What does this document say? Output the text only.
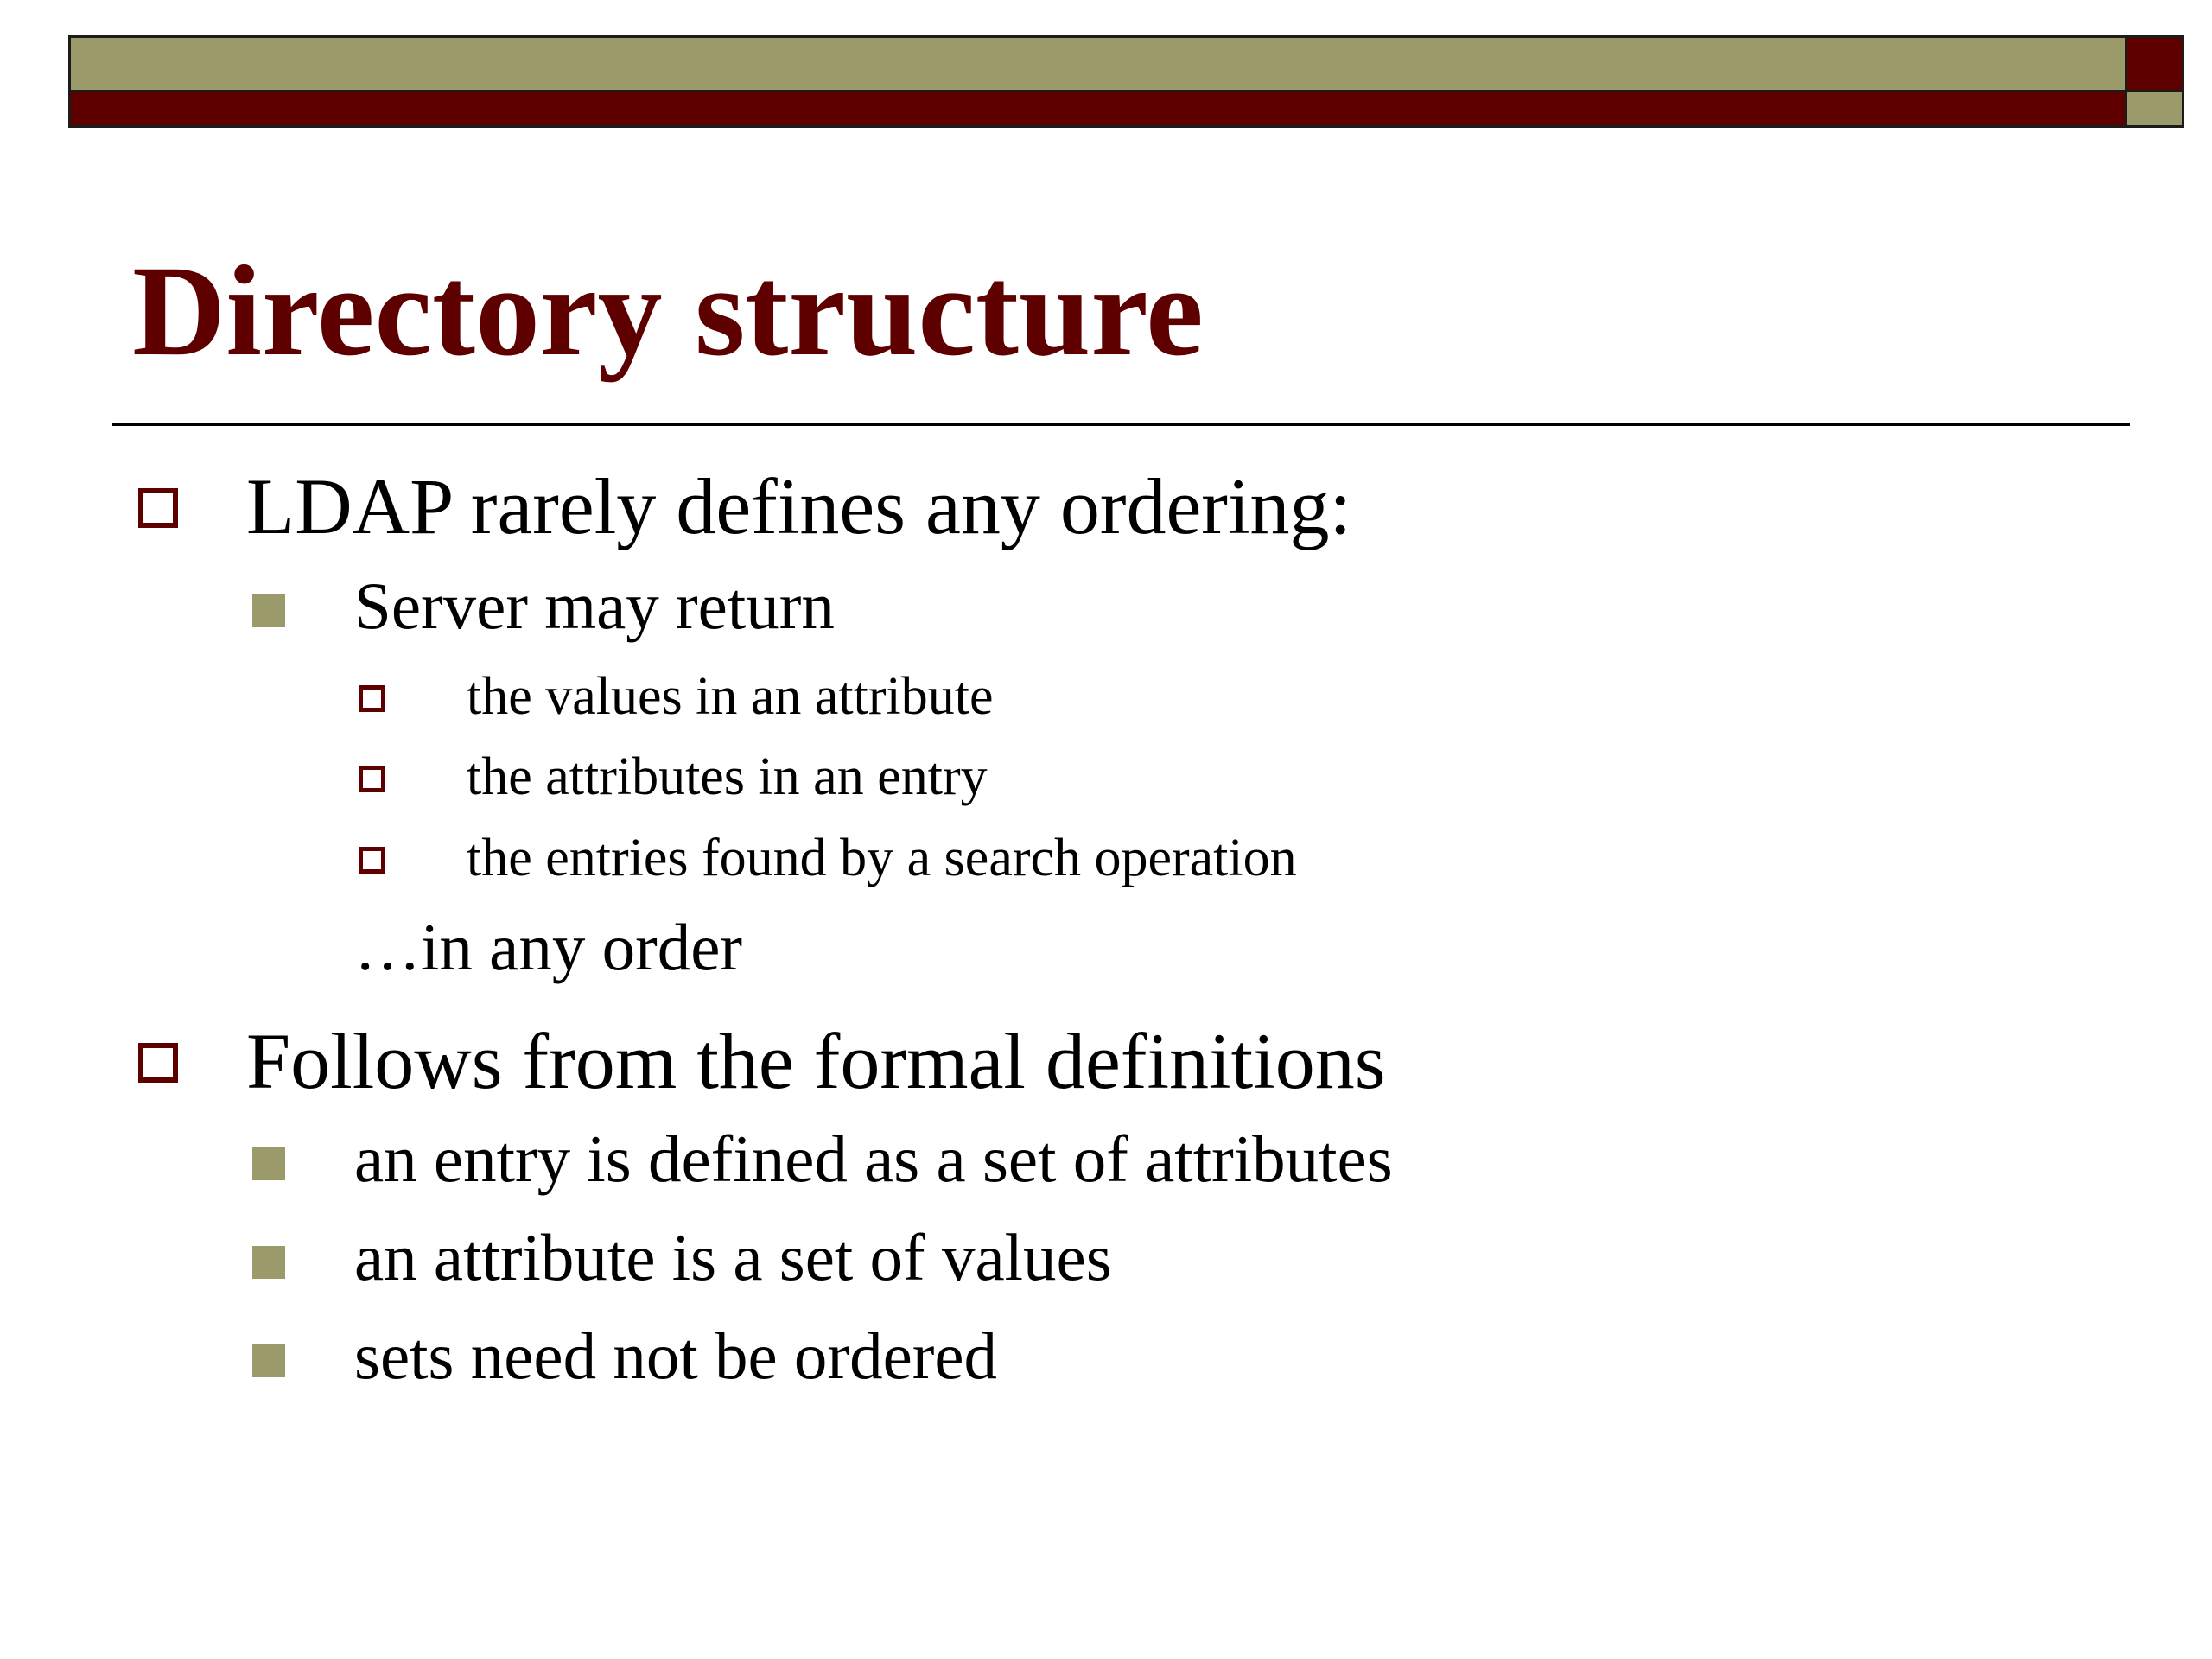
Directory structure
LDAP rarely defines any ordering:
Server may return
the values in an attribute
the attributes in an entry
the entries found by a search operation
…in any order
Follows from the formal definitions
an entry is defined as a set of attributes
an attribute is a set of values
sets need not be ordered
